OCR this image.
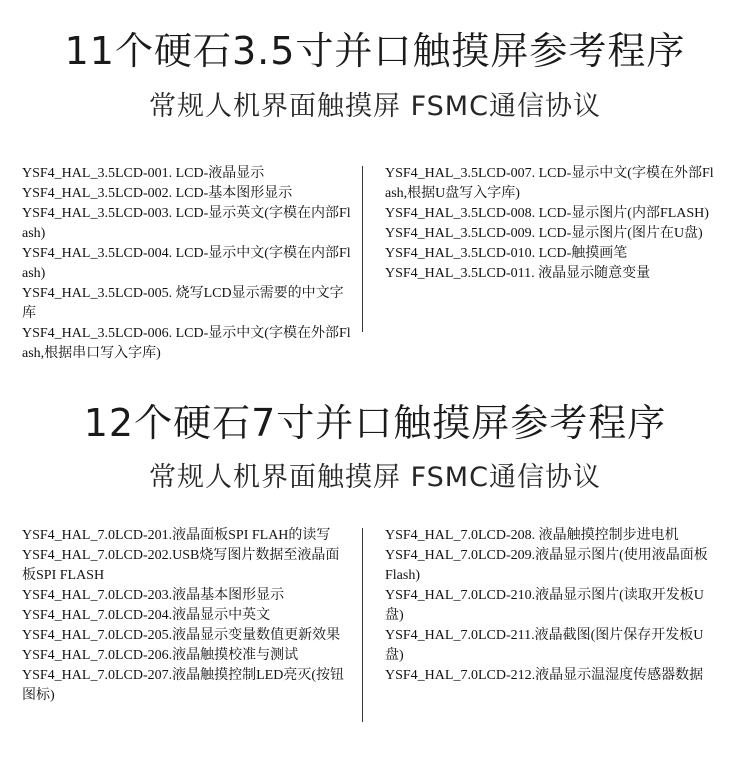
11个硬石3.5寸并口触摸屏参考程序
常规人机界面触摸屏 FSMC通信协议

YSF4_HAL_3.5LCD-001. LCD-液晶显示

YSF4_HAL_3.5LCD-002. LCD-基本图形显示

YSF4_HAL_3.5LCD-003. LCD-显示英文(字模在内部Flash)

YSF4_HAL_3.5LCD-004. LCD-显示中文(字模在内部Flash)

YSF4_HAL_3.5LCD-005. 烧写LCD显示需要的中文字库

YSF4_HAL_3.5LCD-006. LCD-显示中文(字模在外部Flash,根据串口写入字库)

YSF4_HAL_3.5LCD-007. LCD-显示中文(字模在外部Flash,根据U盘写入字库)

YSF4_HAL_3.5LCD-008. LCD-显示图片(内部FLASH)

YSF4_HAL_3.5LCD-009. LCD-显示图片(图片在U盘)

YSF4_HAL_3.5LCD-010. LCD-触摸画笔

YSF4_HAL_3.5LCD-011. 液晶显示随意变量

12个硬石7寸并口触摸屏参考程序
常规人机界面触摸屏 FSMC通信协议

YSF4_HAL_7.0LCD-201.液晶面板SPI FLAH的读写

YSF4_HAL_7.0LCD-202.USB烧写图片数据至液晶面板SPI FLASH

YSF4_HAL_7.0LCD-203.液晶基本图形显示

YSF4_HAL_7.0LCD-204.液晶显示中英文

YSF4_HAL_7.0LCD-205.液晶显示变量数值更新效果

YSF4_HAL_7.0LCD-206.液晶触摸校准与测试

YSF4_HAL_7.0LCD-207.液晶触摸控制LED亮灭(按钮图标)

YSF4_HAL_7.0LCD-208. 液晶触摸控制步进电机

YSF4_HAL_7.0LCD-209.液晶显示图片(使用液晶面板Flash)

YSF4_HAL_7.0LCD-210.液晶显示图片(读取开发板U盘)

YSF4_HAL_7.0LCD-211.液晶截图(图片保存开发板U盘)

YSF4_HAL_7.0LCD-212.液晶显示温湿度传感器数据
